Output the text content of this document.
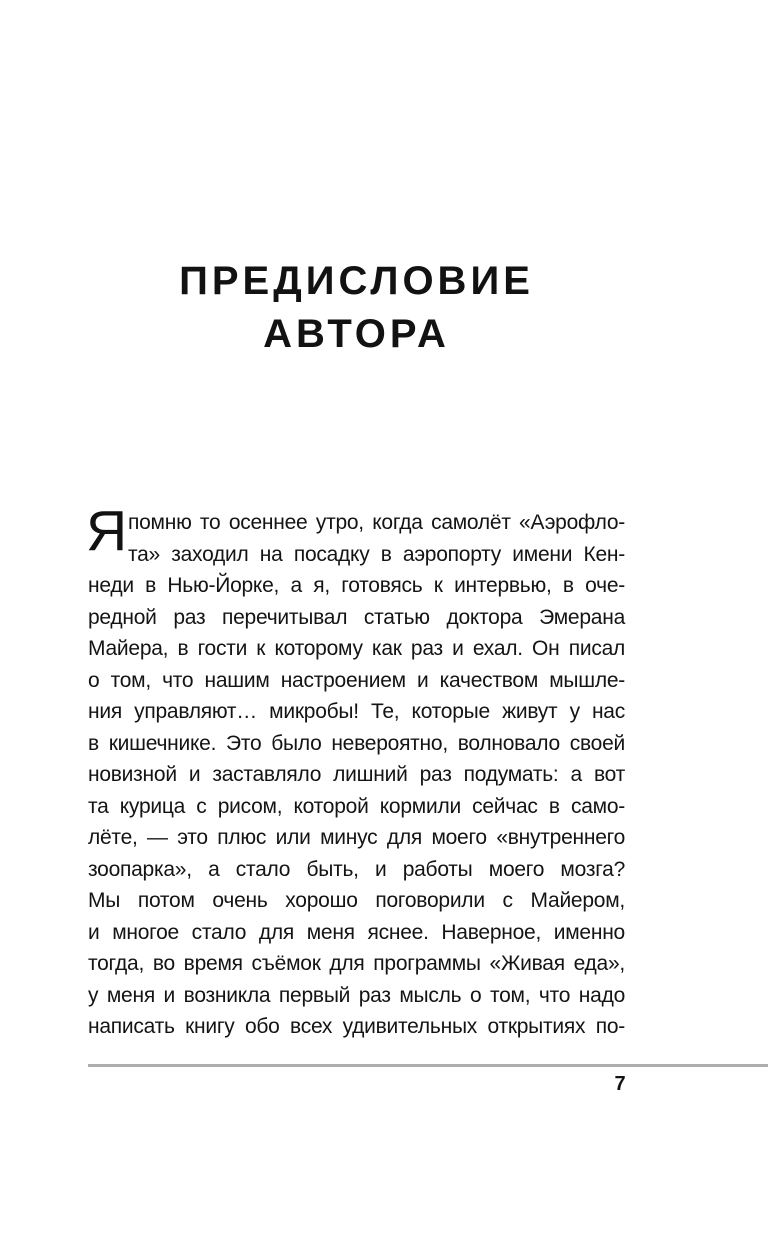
ПРЕДИСЛОВИЕ
АВТОРА
Я помню то осеннее утро, когда самолёт «Аэрофло-
та» заходил на посадку в аэропорту имени Кен-
неди в Нью-Йорке, а я, готовясь к интервью, в оче-
редной раз перечитывал статью доктора Эмерана
Майера, в гости к которому как раз и ехал. Он писал
о том, что нашим настроением и качеством мышле-
ния управляют… микробы! Те, которые живут у нас
в кишечнике. Это было невероятно, волновало своей
новизной и заставляло лишний раз подумать: а вот
та курица с рисом, которой кормили сейчас в само-
лёте, — это плюс или минус для моего «внутреннего
зоопарка», а стало быть, и работы моего мозга?
Мы потом очень хорошо поговорили с Майером,
и многое стало для меня яснее. Наверное, именно
тогда, во время съёмок для программы «Живая еда»,
у меня и возникла первый раз мысль о том, что надо
написать книгу обо всех удивительных открытиях по-
7
